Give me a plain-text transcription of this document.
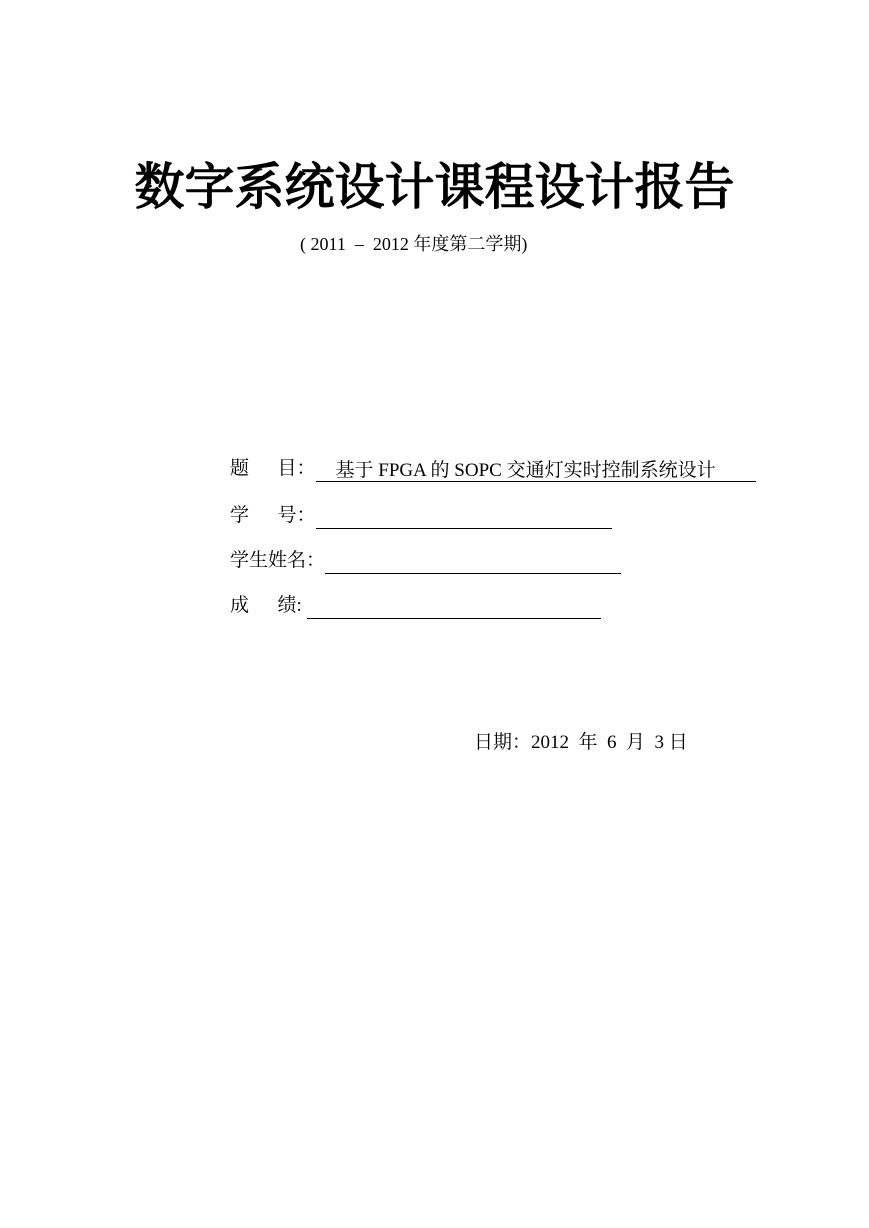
数字系统设计课程设计报告
( 2011  –  2012 年度第二学期)
题      目：	基于 FPGA 的 SOPC 交通灯实时控制系统设计
学      号：
学生姓名：
成      绩:
日期：2012  年  6  月  3 日
